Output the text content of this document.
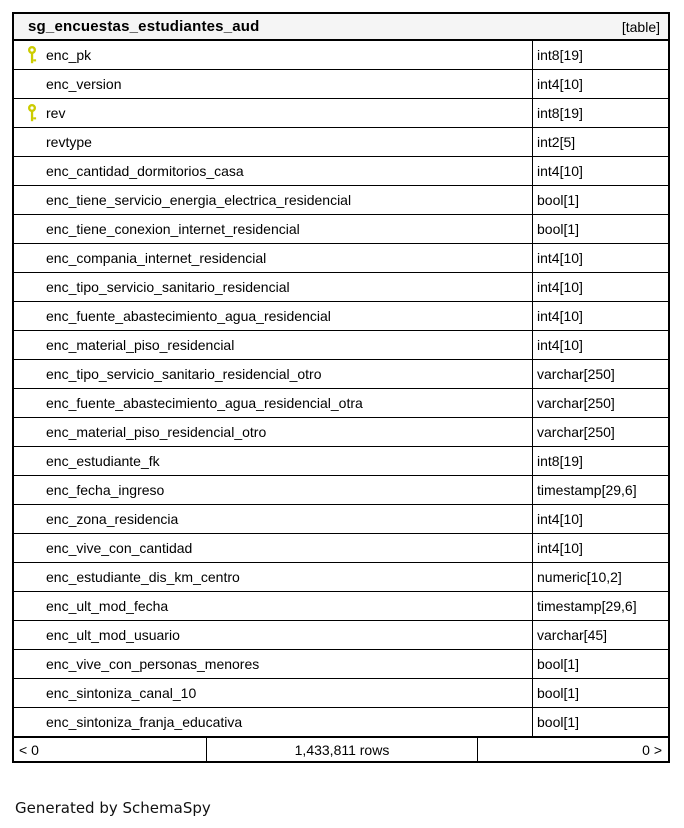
sg_encuestas_estudiantes_aud	[table]
enc_pk	int8[19]
enc_version	int4[10]
rev	int8[19]
revtype	int2[5]
enc_cantidad_dormitorios_casa	int4[10]
enc_tiene_servicio_energia_electrica_residencial	bool[1]
enc_tiene_conexion_internet_residencial	bool[1]
enc_compania_internet_residencial	int4[10]
enc_tipo_servicio_sanitario_residencial	int4[10]
enc_fuente_abastecimiento_agua_residencial	int4[10]
enc_material_piso_residencial	int4[10]
enc_tipo_servicio_sanitario_residencial_otro	varchar[250]
enc_fuente_abastecimiento_agua_residencial_otra	varchar[250]
enc_material_piso_residencial_otro	varchar[250]
enc_estudiante_fk	int8[19]
enc_fecha_ingreso	timestamp[29,6]
enc_zona_residencia	int4[10]
enc_vive_con_cantidad	int4[10]
enc_estudiante_dis_km_centro	numeric[10,2]
enc_ult_mod_fecha	timestamp[29,6]
enc_ult_mod_usuario	varchar[45]
enc_vive_con_personas_menores	bool[1]
enc_sintoniza_canal_10	bool[1]
enc_sintoniza_franja_educativa	bool[1]
< 0	1,433,811 rows	0 >
Generated by SchemaSpy
